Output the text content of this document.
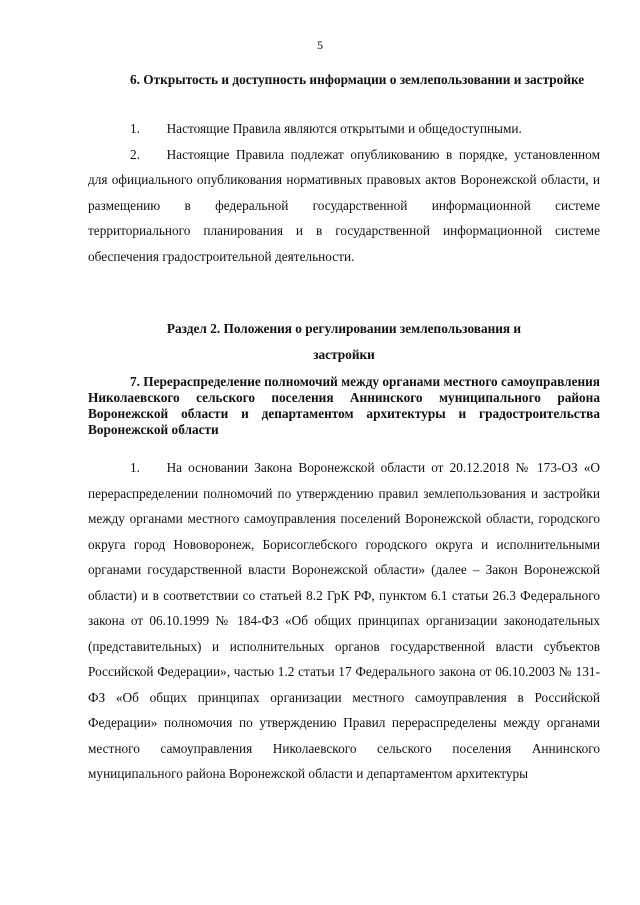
5
6. Открытость и доступность информации о землепользовании и застройке

1.  Настоящие Правила являются открытыми и общедоступными.

2.  Настоящие Правила подлежат опубликованию в порядке, установленном для официального опубликования нормативных правовых актов Воронежской области, и размещению в федеральной государственной информационной системе территориального планирования и в государственной информационной системе обеспечения градостроительной деятельности.

Раздел 2. Положения о регулировании землепользования и

застройки

7. Перераспределение полномочий между органами местного самоуправления Николаевского сельского поселения Аннинского муниципального района Воронежской области и департаментом архитектуры и градостроительства Воронежской области

1.  На основании Закона Воронежской области от 20.12.2018 № 173-ОЗ «О перераспределении полномочий по утверждению правил землепользования и застройки между органами местного самоуправления поселений Воронежской области, городского округа город Нововоронеж, Борисоглебского городского округа и исполнительными органами государственной власти Воронежской области» (далее – Закон Воронежской области) и в соответствии со статьей 8.2 ГрК РФ, пунктом 6.1 статьи 26.3 Федерального закона от 06.10.1999 № 184-ФЗ «Об общих принципах организации законодательных (представительных) и исполнительных органов государственной власти субъектов Российской Федерации», частью 1.2 статьи 17 Федерального закона от 06.10.2003 № 131-ФЗ «Об общих принципах организации местного самоуправления в Российской Федерации» полномочия по утверждению Правил перераспределены между органами местного самоуправления Николаевского сельского поселения Аннинского муниципального района Воронежской области и департаментом архитектуры
